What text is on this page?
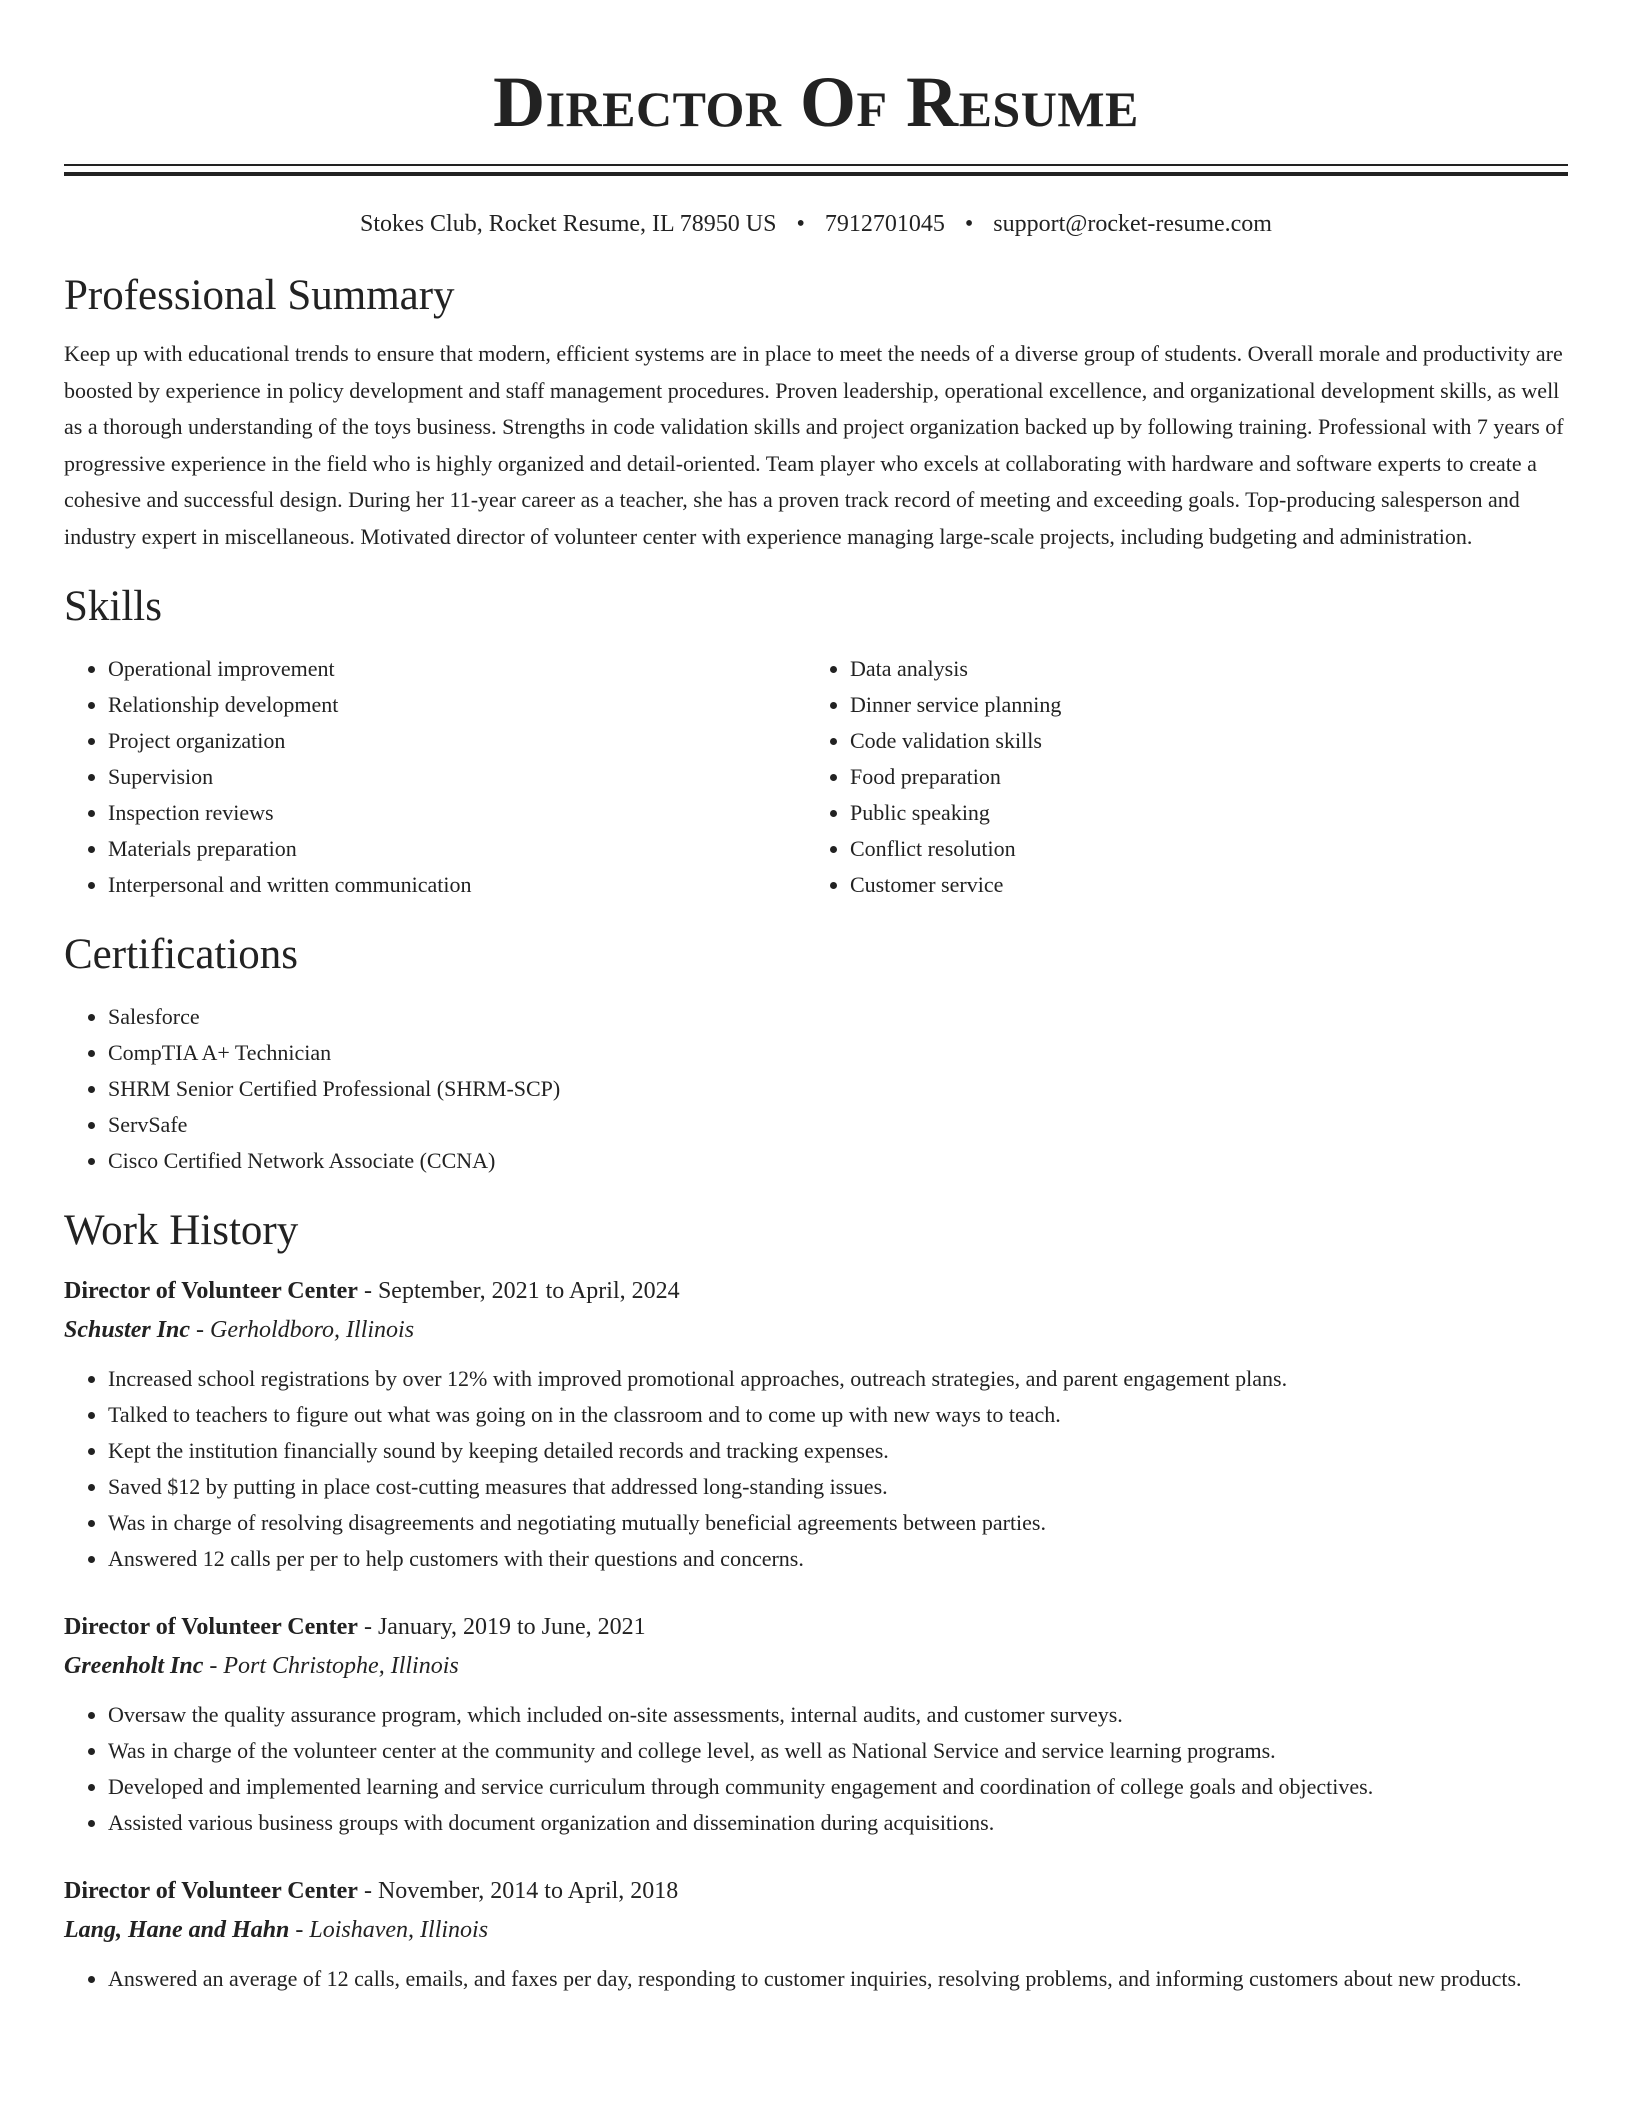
Director Of Resume
Stokes Club, Rocket Resume, IL 78950 US • 7912701045 • support@rocket-resume.com
Professional Summary

Keep up with educational trends to ensure that modern, efficient systems are in place to meet the needs of a diverse group of students. Overall morale and productivity are boosted by experience in policy development and staff management procedures. Proven leadership, operational excellence, and organizational development skills, as well as a thorough understanding of the toys business. Strengths in code validation skills and project organization backed up by following training. Professional with 7 years of progressive experience in the field who is highly organized and detail-oriented. Team player who excels at collaborating with hardware and software experts to create a cohesive and successful design. During her 11-year career as a teacher, she has a proven track record of meeting and exceeding goals. Top-producing salesperson and industry expert in miscellaneous. Motivated director of volunteer center with experience managing large-scale projects, including budgeting and administration.

Skills
• Operational improvement
• Relationship development
• Project organization
• Supervision
• Inspection reviews
• Materials preparation
• Interpersonal and written communication
• Data analysis
• Dinner service planning
• Code validation skills
• Food preparation
• Public speaking
• Conflict resolution
• Customer service
Certifications
• Salesforce
• CompTIA A+ Technician
• SHRM Senior Certified Professional (SHRM-SCP)
• ServSafe
• Cisco Certified Network Associate (CCNA)
Work History
Director of Volunteer Center - September, 2021 to April, 2024
Schuster Inc - Gerholdboro, Illinois
• Increased school registrations by over 12% with improved promotional approaches, outreach strategies, and parent engagement plans.
• Talked to teachers to figure out what was going on in the classroom and to come up with new ways to teach.
• Kept the institution financially sound by keeping detailed records and tracking expenses.
• Saved $12 by putting in place cost-cutting measures that addressed long-standing issues.
• Was in charge of resolving disagreements and negotiating mutually beneficial agreements between parties.
• Answered 12 calls per per to help customers with their questions and concerns.
Director of Volunteer Center - January, 2019 to June, 2021
Greenholt Inc - Port Christophe, Illinois
• Oversaw the quality assurance program, which included on-site assessments, internal audits, and customer surveys.
• Was in charge of the volunteer center at the community and college level, as well as National Service and service learning programs.
• Developed and implemented learning and service curriculum through community engagement and coordination of college goals and objectives.
• Assisted various business groups with document organization and dissemination during acquisitions.
Director of Volunteer Center - November, 2014 to April, 2018
Lang, Hane and Hahn - Loishaven, Illinois
• Answered an average of 12 calls, emails, and faxes per day, responding to customer inquiries, resolving problems, and informing customers about new products.
